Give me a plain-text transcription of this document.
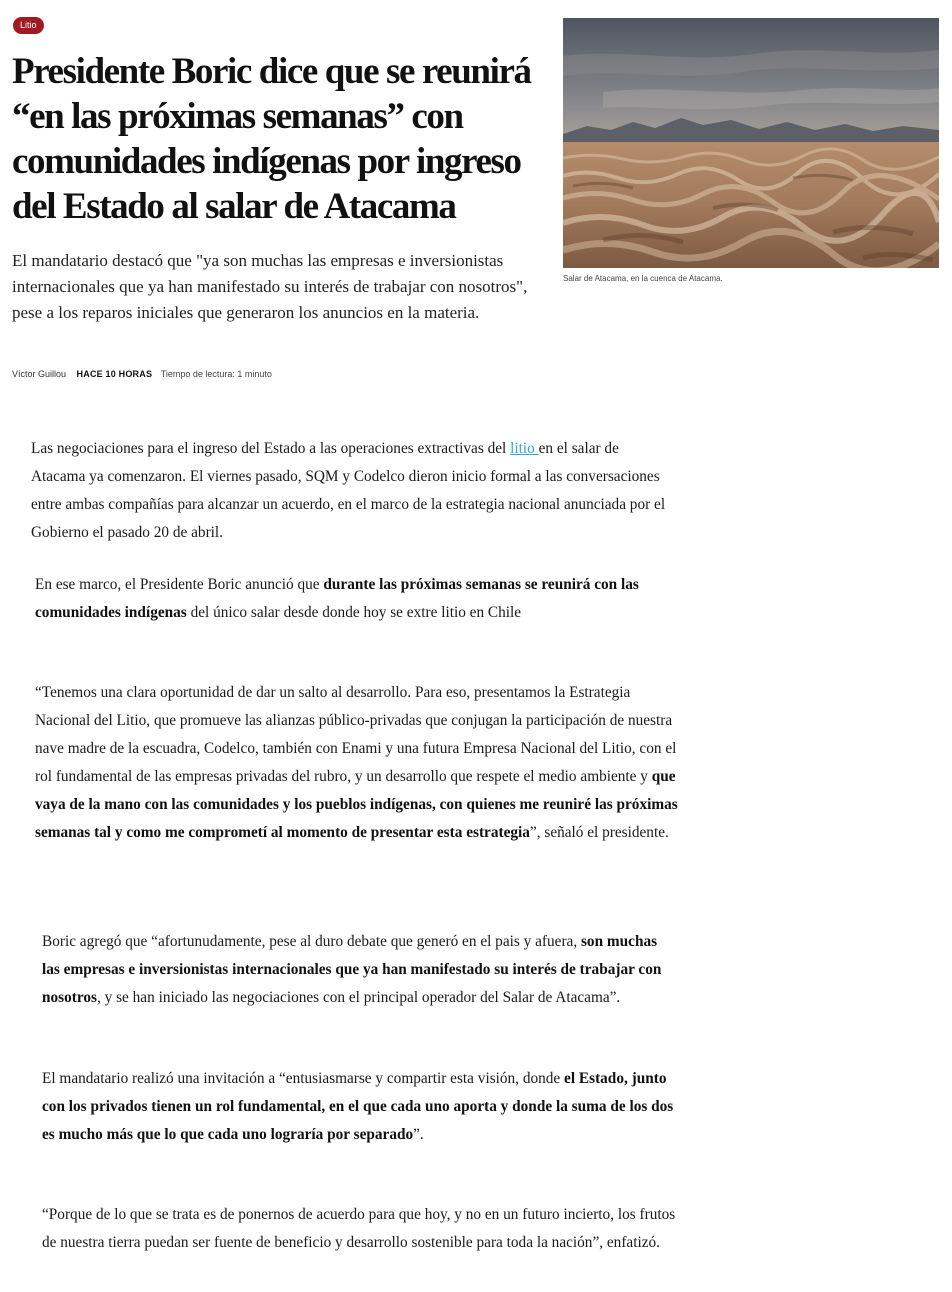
Litio
Presidente Boric dice que se reunirá “en las próximas semanas” con comunidades indígenas por ingreso del Estado al salar de Atacama

El mandatario destacó que "ya son muchas las empresas e inversionistas internacionales que ya han manifestado su interés de trabajar con nosotros", pese a los reparos iniciales que generaron los anuncios en la materia.

Víctor Guillou HACE 10 HORAS Tiempo de lectura: 1 minuto
Salar de Atacama, en la cuenca de Atacama.

Las negociaciones para el ingreso del Estado a las operaciones extractivas del litio en el salar de Atacama ya comenzaron. El viernes pasado, SQM y Codelco dieron inicio formal a las conversaciones entre ambas compañías para alcanzar un acuerdo, en el marco de la estrategia nacional anunciada por el Gobierno el pasado 20 de abril.

En ese marco, el Presidente Boric anunció que durante las próximas semanas se reunirá con las comunidades indígenas del único salar desde donde hoy se extre litio en Chile

“Tenemos una clara oportunidad de dar un salto al desarrollo. Para eso, presentamos la Estrategia Nacional del Litio, que promueve las alianzas público-privadas que conjugan la participación de nuestra nave madre de la escuadra, Codelco, también con Enami y una futura Empresa Nacional del Litio, con el rol fundamental de las empresas privadas del rubro, y un desarrollo que respete el medio ambiente y que vaya de la mano con las comunidades y los pueblos indígenas, con quienes me reuniré las próximas semanas tal y como me comprometí al momento de presentar esta estrategia”, señaló el presidente.

Boric agregó que “afortunudamente, pese al duro debate que generó en el pais y afuera, son muchas las empresas e inversionistas internacionales que ya han manifestado su interés de trabajar con nosotros, y se han iniciado las negociaciones con el principal operador del Salar de Atacama”.

El mandatario realizó una invitación a “entusiasmarse y compartir esta visión, donde el Estado, junto con los privados tienen un rol fundamental, en el que cada uno aporta y donde la suma de los dos es mucho más que lo que cada uno lograría por separado”.

“Porque de lo que se trata es de ponernos de acuerdo para que hoy, y no en un futuro incierto, los frutos de nuestra tierra puedan ser fuente de beneficio y desarrollo sostenible para toda la nación”, enfatizó.
